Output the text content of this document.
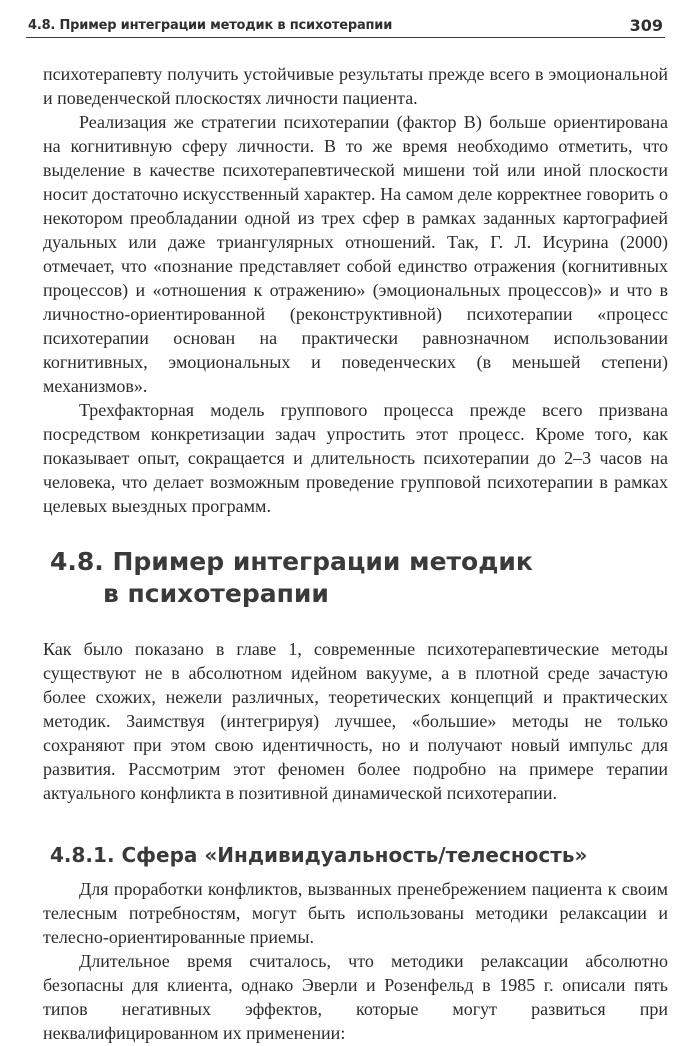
4.8. Пример интеграции методик в психотерапии	309

психотерапевту получить устойчивые результаты прежде всего в эмоциональной и поведенческой плоскостях личности пациента.

Реализация же стратегии психотерапии (фактор B) больше ориентирована на когнитивную сферу личности. В то же время необходимо отметить, что выделение в качестве психотерапевтической мишени той или иной плоскости носит достаточно искусственный характер. На самом деле корректнее говорить о некотором преобладании одной из трех сфер в рамках заданных картографией дуальных или даже триангулярных отношений. Так, Г. Л. Исурина (2000) отмечает, что «познание представляет собой единство отражения (когнитивных процессов) и «отношения к отражению» (эмоциональных процессов)» и что в личностно-ориентированной (реконструктивной) психотерапии «процесс психотерапии основан на практически равнозначном использовании когнитивных, эмоциональных и поведенческих (в меньшей степени) механизмов».

Трехфакторная модель группового процесса прежде всего призвана посредством конкретизации задач упростить этот процесс. Кроме того, как показывает опыт, сокращается и длительность психотерапии до 2–3 часов на человека, что делает возможным проведение групповой психотерапии в рамках целевых выездных программ.

4.8. Пример интеграции методик
в психотерапии

Как было показано в главе 1, современные психотерапевтические методы существуют не в абсолютном идейном вакууме, а в плотной среде зачастую более схожих, нежели различных, теоретических концепций и практических методик. Заимствуя (интегрируя) лучшее, «большие» методы не только сохраняют при этом свою идентичность, но и получают новый импульс для развития. Рассмотрим этот феномен более подробно на примере терапии актуального конфликта в позитивной динамической психотерапии.

4.8.1. Сфера «Индивидуальность/телесность»

Для проработки конфликтов, вызванных пренебрежением пациента к своим телесным потребностям, могут быть использованы методики релаксации и телесно-ориентированные приемы.

Длительное время считалось, что методики релаксации абсолютно безопасны для клиента, однако Эверли и Розенфельд в 1985 г. описали пять типов негативных эффектов, которые могут развиться при неквалифицированном их применении:
